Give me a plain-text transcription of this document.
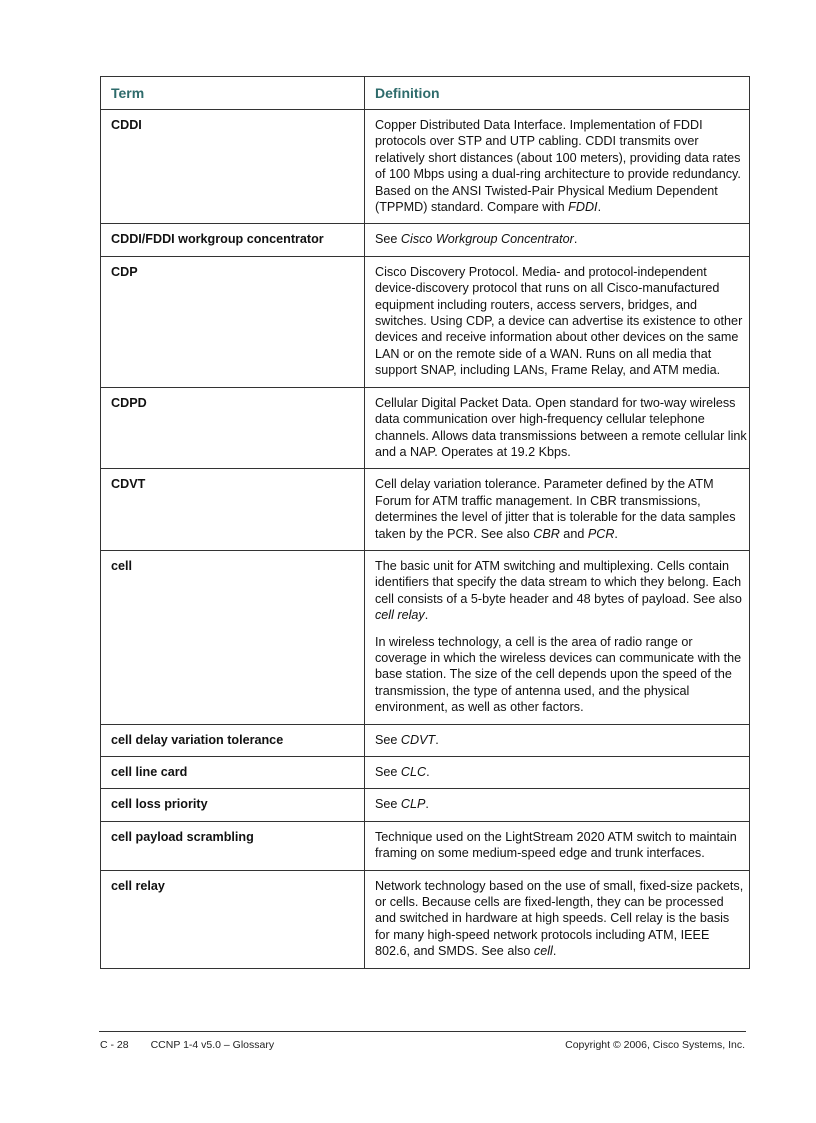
Term	Definition
CDDI	Copper Distributed Data Interface. Implementation of FDDI protocols over STP and UTP cabling. CDDI transmits over relatively short distances (about 100 meters), providing data rates of 100 Mbps using a dual-ring architecture to provide redundancy. Based on the ANSI Twisted-Pair Physical Medium Dependent (TPPMD) standard. Compare with FDDI.

CDDI/FDDI workgroup concentrator	See Cisco Workgroup Concentrator.

CDP	Cisco Discovery Protocol. Media- and protocol-independent device-discovery protocol that runs on all Cisco-manufactured equipment including routers, access servers, bridges, and switches. Using CDP, a device can advertise its existence to other devices and receive information about other devices on the same LAN or on the remote side of a WAN. Runs on all media that support SNAP, including LANs, Frame Relay, and ATM media.

CDPD	Cellular Digital Packet Data. Open standard for two-way wireless data communication over high-frequency cellular telephone channels. Allows data transmissions between a remote cellular link and a NAP. Operates at 19.2 Kbps.

CDVT	Cell delay variation tolerance. Parameter defined by the ATM Forum for ATM traffic management. In CBR transmissions, determines the level of jitter that is tolerable for the data samples taken by the PCR. See also CBR and PCR.

cell	The basic unit for ATM switching and multiplexing. Cells contain identifiers that specify the data stream to which they belong. Each cell consists of a 5-byte header and 48 bytes of payload. See also cell relay.

In wireless technology, a cell is the area of radio range or coverage in which the wireless devices can communicate with the base station. The size of the cell depends upon the speed of the transmission, the type of antenna used, and the physical environment, as well as other factors.

cell delay variation tolerance	See CDVT.

cell line card	See CLC.

cell loss priority	See CLP.

cell payload scrambling	Technique used on the LightStream 2020 ATM switch to maintain framing on some medium-speed edge and trunk interfaces.

cell relay	Network technology based on the use of small, fixed-size packets, or cells. Because cells are fixed-length, they can be processed and switched in hardware at high speeds. Cell relay is the basis for many high-speed network protocols including ATM, IEEE 802.6, and SMDS. See also cell.

C - 28 CCNP 1-4 v5.0 – Glossary	Copyright © 2006, Cisco Systems, Inc.
